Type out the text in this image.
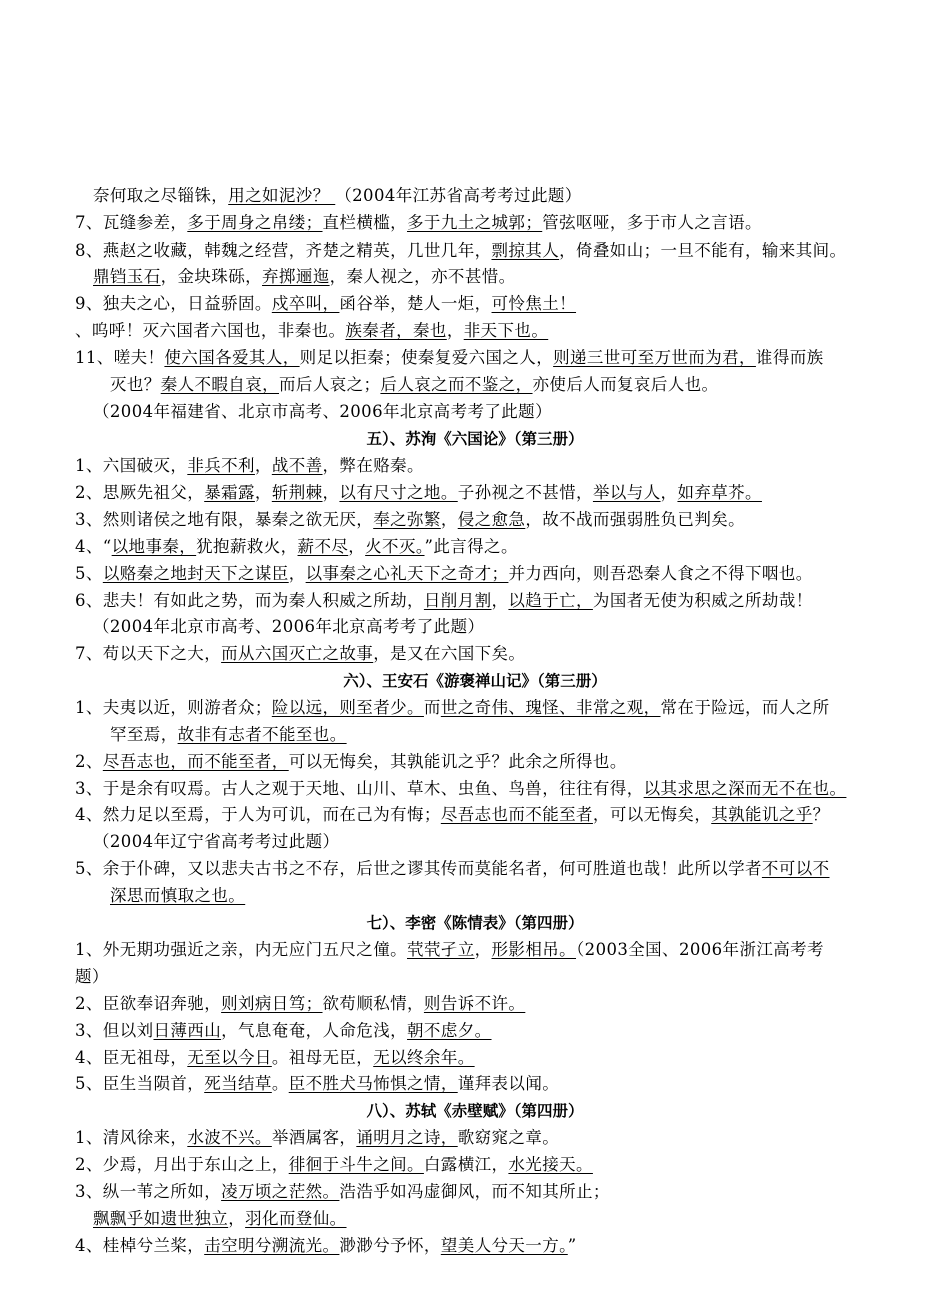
奈何取之尽锱铢，用之如泥沙？ （2004年江苏省高考考过此题）
7、瓦缝参差，多于周身之帛缕；直栏横槛，多于九土之城郭；管弦呕哑，多于市人之言语。
8、燕赵之收藏，韩魏之经营，齐楚之精英，几世几年，剽掠其人，倚叠如山；一旦不能有，输来其间。
鼎铛玉石，金块珠砾，弃掷逦迤，秦人视之，亦不甚惜。
9、独夫之心，日益骄固。戍卒叫，函谷举，楚人一炬，可怜焦土！
、呜呼！灭六国者六国也，非秦也。族秦者，秦也，非天下也。
11、嗟夫！使六国各爱其人，则足以拒秦；使秦复爱六国之人，则递三世可至万世而为君，谁得而族
灭也？秦人不暇自哀，而后人哀之；后人哀之而不鉴之，亦使后人而复哀后人也。
（2004年福建省、北京市高考、2006年北京高考考了此题）
五）、苏洵《六国论》（第三册）
1、六国破灭，非兵不利，战不善，弊在赂秦。
2、思厥先祖父，暴霜露，斩荆棘，以有尺寸之地。子孙视之不甚惜，举以与人，如弃草芥。
3、然则诸侯之地有限，暴秦之欲无厌，奉之弥繁，侵之愈急，故不战而强弱胜负已判矣。
4、“以地事秦，犹抱薪救火，薪不尽，火不灭。”此言得之。
5、以赂秦之地封天下之谋臣，以事秦之心礼天下之奇才；并力西向，则吾恐秦人食之不得下咽也。
6、悲夫！有如此之势，而为秦人积威之所劫，日削月割，以趋于亡，为国者无使为积威之所劫哉！
（2004年北京市高考、2006年北京高考考了此题）
7、苟以天下之大，而从六国灭亡之故事，是又在六国下矣。
六）、王安石《游褒禅山记》（第三册）
1、夫夷以近，则游者众；险以远，则至者少。而世之奇伟、瑰怪、非常之观，常在于险远，而人之所
罕至焉，故非有志者不能至也。
2、尽吾志也，而不能至者，可以无悔矣，其孰能讥之乎？此余之所得也。
3、于是余有叹焉。古人之观于天地、山川、草木、虫鱼、鸟兽，往往有得，以其求思之深而无不在也。
4、然力足以至焉，于人为可讥，而在己为有悔；尽吾志也而不能至者，可以无悔矣，其孰能讥之乎？
（2004年辽宁省高考考过此题）
5、余于仆碑，又以悲夫古书之不存，后世之谬其传而莫能名者，何可胜道也哉！此所以学者不可以不
深思而慎取之也。
七）、李密《陈情表》（第四册）
1、外无期功强近之亲，内无应门五尺之僮。茕茕孑立，形影相吊。（2003全国、2006年浙江高考考
题）
2、臣欲奉诏奔驰，则刘病日笃；欲苟顺私情，则告诉不许。
3、但以刘日薄西山，气息奄奄，人命危浅，朝不虑夕。
4、臣无祖母，无至以今日。祖母无臣，无以终余年。
5、臣生当陨首，死当结草。臣不胜犬马怖惧之情，谨拜表以闻。
八）、苏轼《赤壁赋》（第四册）
1、清风徐来，水波不兴。举酒属客，诵明月之诗，歌窈窕之章。
2、少焉，月出于东山之上，徘徊于斗牛之间。白露横江，水光接天。
3、纵一苇之所如，凌万顷之茫然。浩浩乎如冯虚御风，而不知其所止；
飘飘乎如遗世独立，羽化而登仙。
4、桂棹兮兰桨，击空明兮溯流光。渺渺兮予怀，望美人兮天一方。”
